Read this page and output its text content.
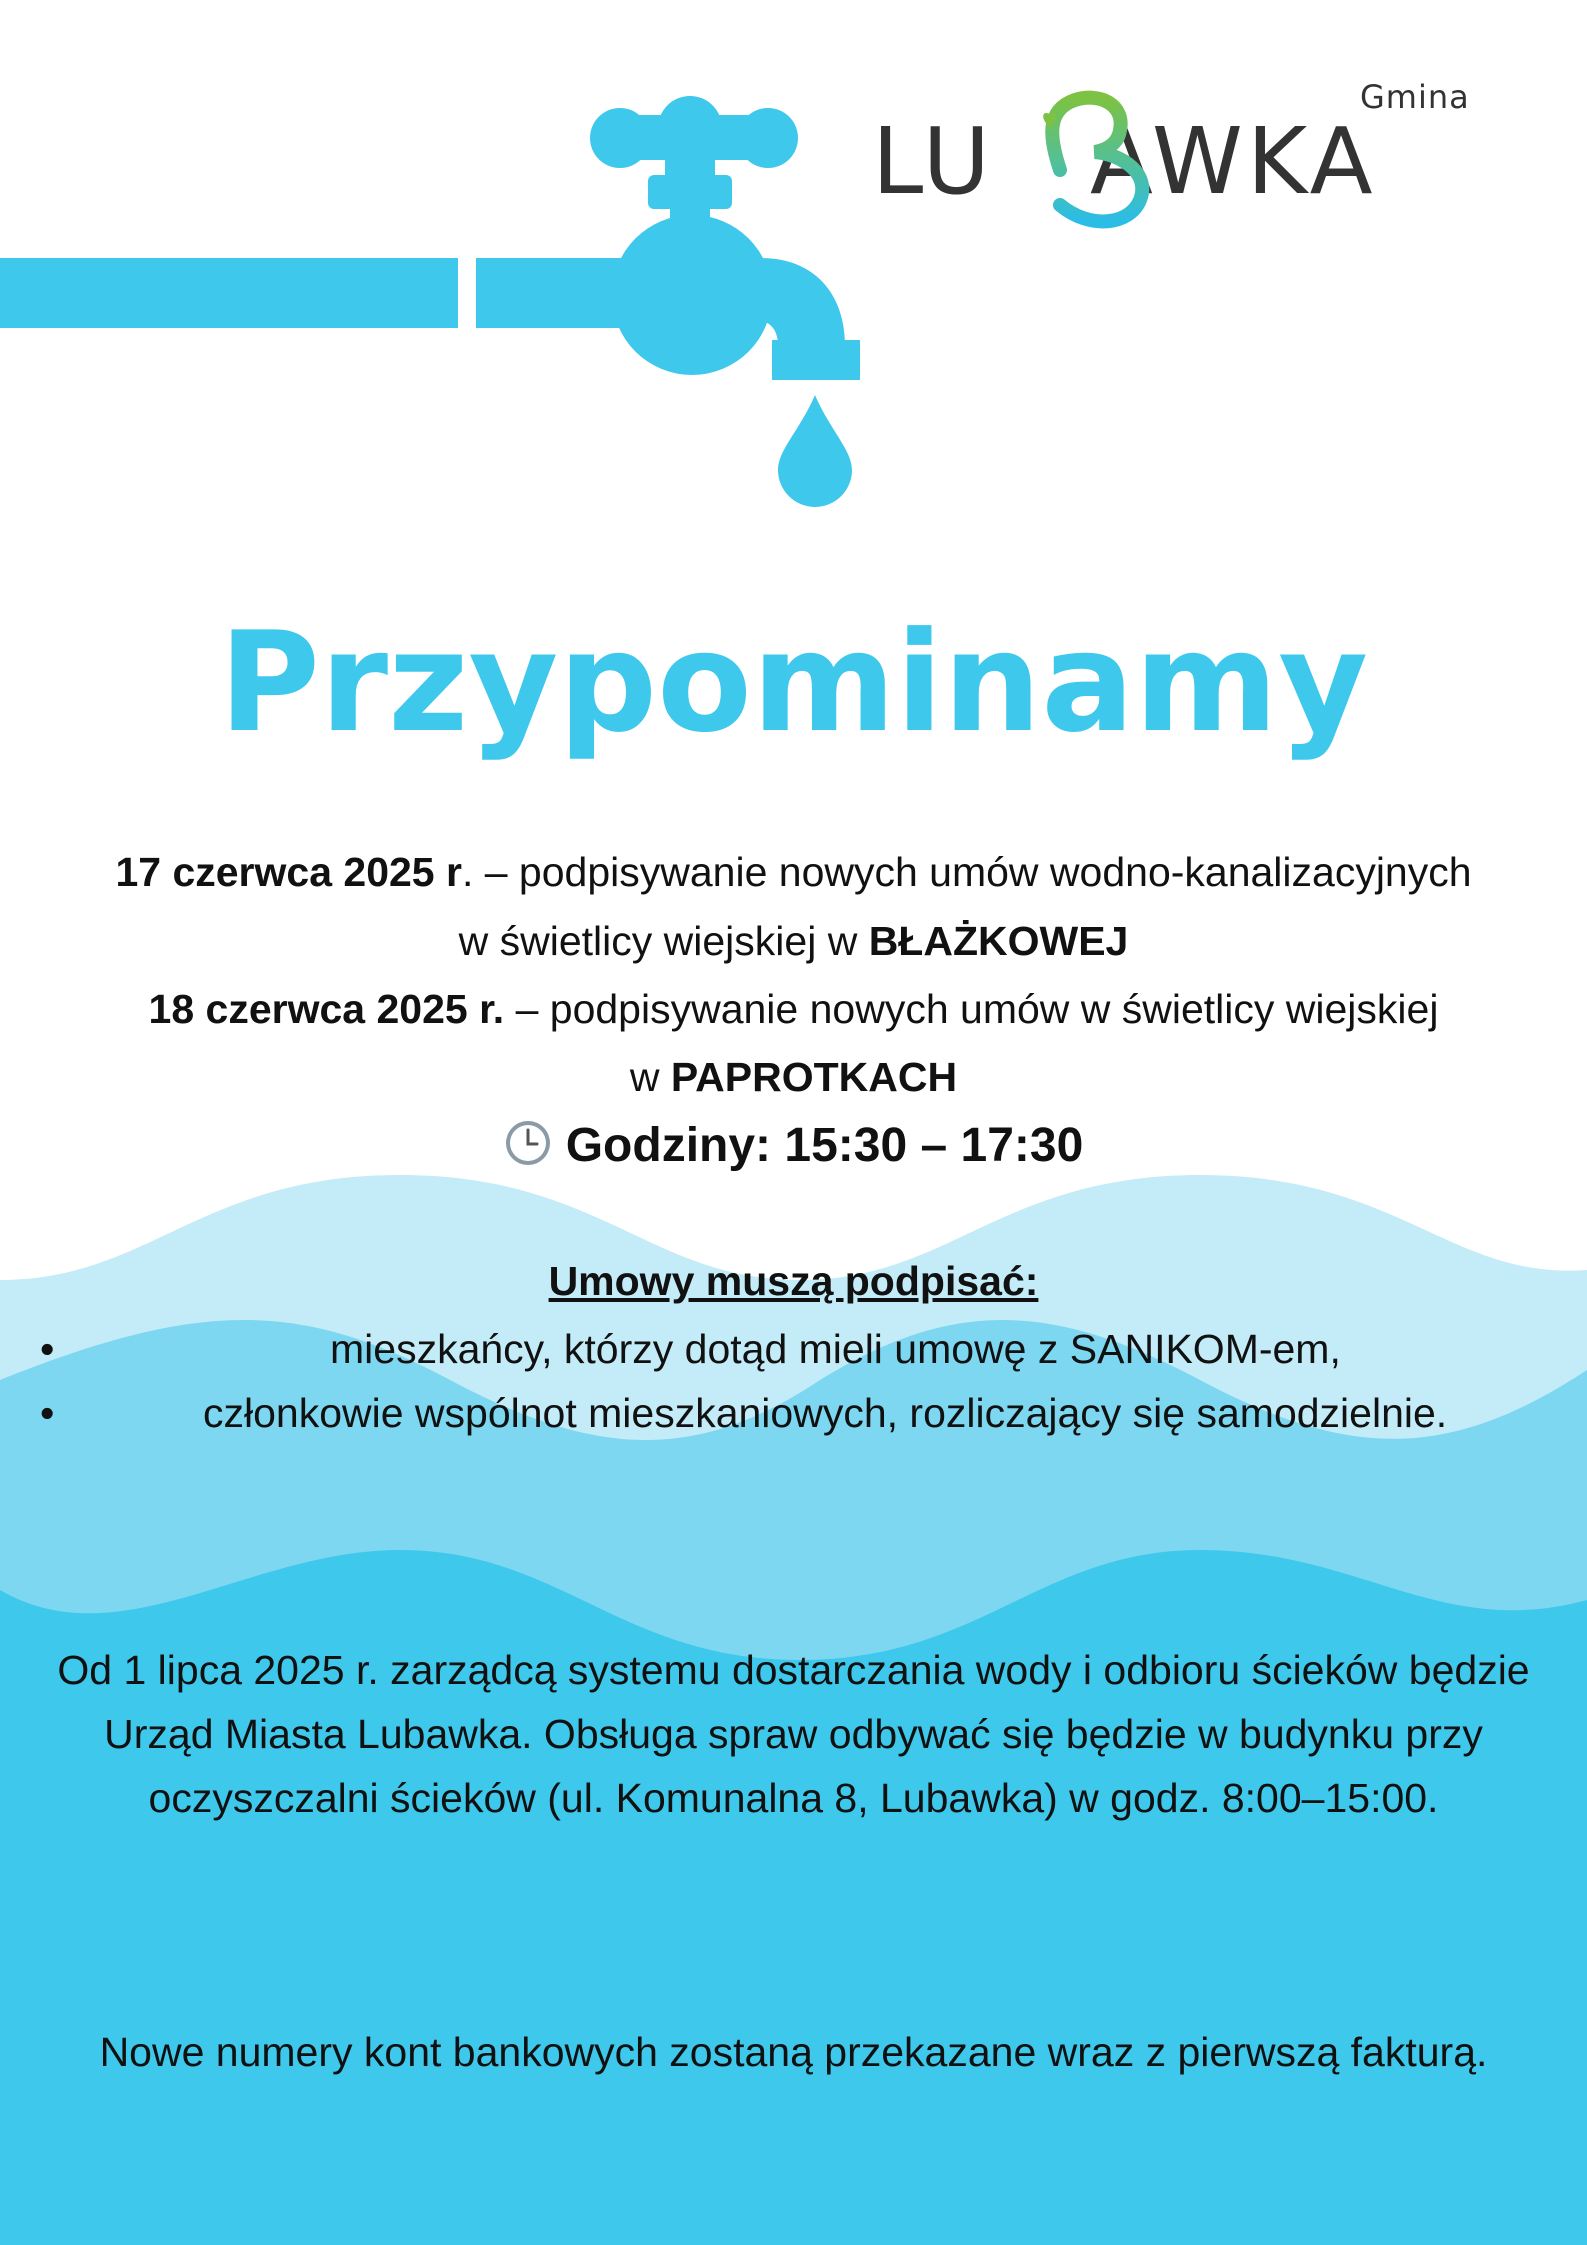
Gmina
LU AWKA
Przypominamy
17 czerwca 2025 r. – podpisywanie nowych umów wodno-kanalizacyjnych
w świetlicy wiejskiej w BŁAŻKOWEJ
18 czerwca 2025 r. – podpisywanie nowych umów w świetlicy wiejskiej
w PAPROTKACH
Godziny: 15:30 – 17:30
Umowy muszą podpisać:
•	mieszkańcy, którzy dotąd mieli umowę z SANIKOM-em,
•	członkowie wspólnot mieszkaniowych, rozliczający się samodzielnie.
Od 1 lipca 2025 r. zarządcą systemu dostarczania wody i odbioru ścieków będzie
Urząd Miasta Lubawka. Obsługa spraw odbywać się będzie w budynku przy
oczyszczalni ścieków (ul. Komunalna 8, Lubawka) w godz. 8:00–15:00.
Nowe numery kont bankowych zostaną przekazane wraz z pierwszą fakturą.
